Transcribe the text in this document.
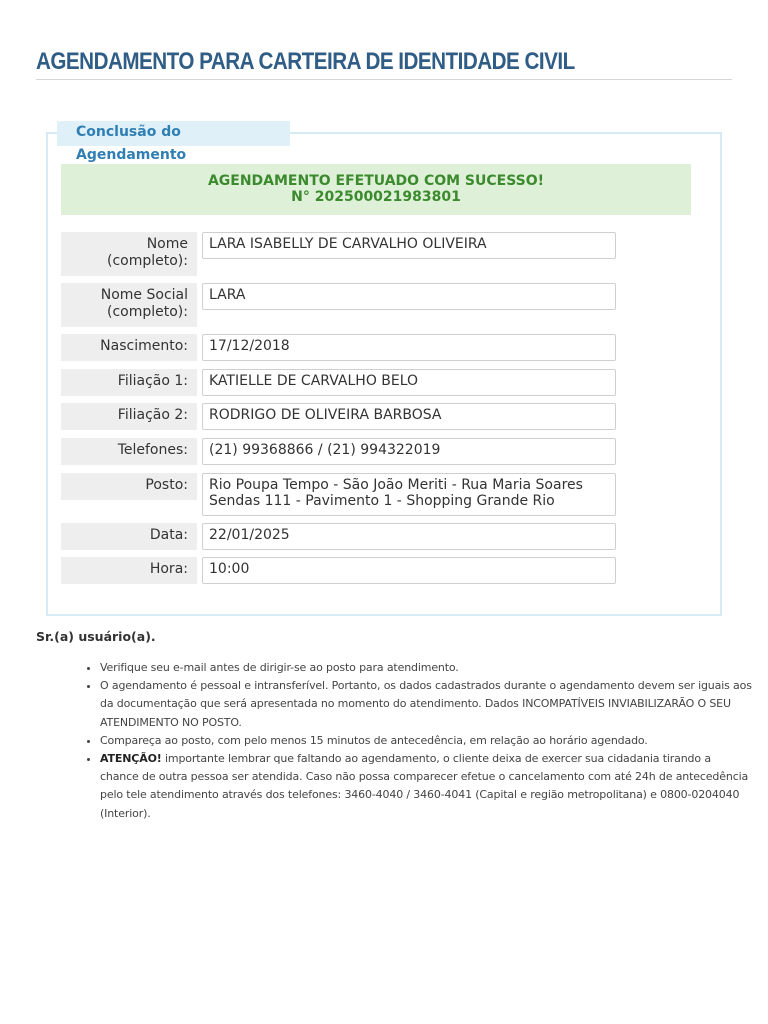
AGENDAMENTO PARA CARTEIRA DE IDENTIDADE CIVIL
Conclusão do Agendamento
AGENDAMENTO EFETUADO COM SUCESSO!
N° 202500021983801
Nome (completo):
LARA ISABELLY DE CARVALHO OLIVEIRA
Nome Social (completo):
LARA
Nascimento:	17/12/2018
Filiação 1:	KATIELLE DE CARVALHO BELO
Filiação 2:	RODRIGO DE OLIVEIRA BARBOSA
Telefones:	(21) 99368866 / (21) 994322019
Posto:	Rio Poupa Tempo - São João Meriti - Rua Maria Soares Sendas 111 - Pavimento 1 - Shopping Grande Rio
Data:	22/01/2025
Hora:	10:00
Sr.(a) usuário(a).
• Verifique seu e-mail antes de dirigir-se ao posto para atendimento.
• O agendamento é pessoal e intransferível. Portanto, os dados cadastrados durante o agendamento devem ser iguais aos da documentação que será apresentada no momento do atendimento. Dados INCOMPATÍVEIS INVIABILIZARÃO O SEU ATENDIMENTO NO POSTO.
• Compareça ao posto, com pelo menos 15 minutos de antecedência, em relação ao horário agendado.
• ATENÇÃO! importante lembrar que faltando ao agendamento, o cliente deixa de exercer sua cidadania tirando a chance de outra pessoa ser atendida. Caso não possa comparecer efetue o cancelamento com até 24h de antecedência pelo tele atendimento através dos telefones: 3460-4040 / 3460-4041 (Capital e região metropolitana) e 0800-0204040 (Interior).
